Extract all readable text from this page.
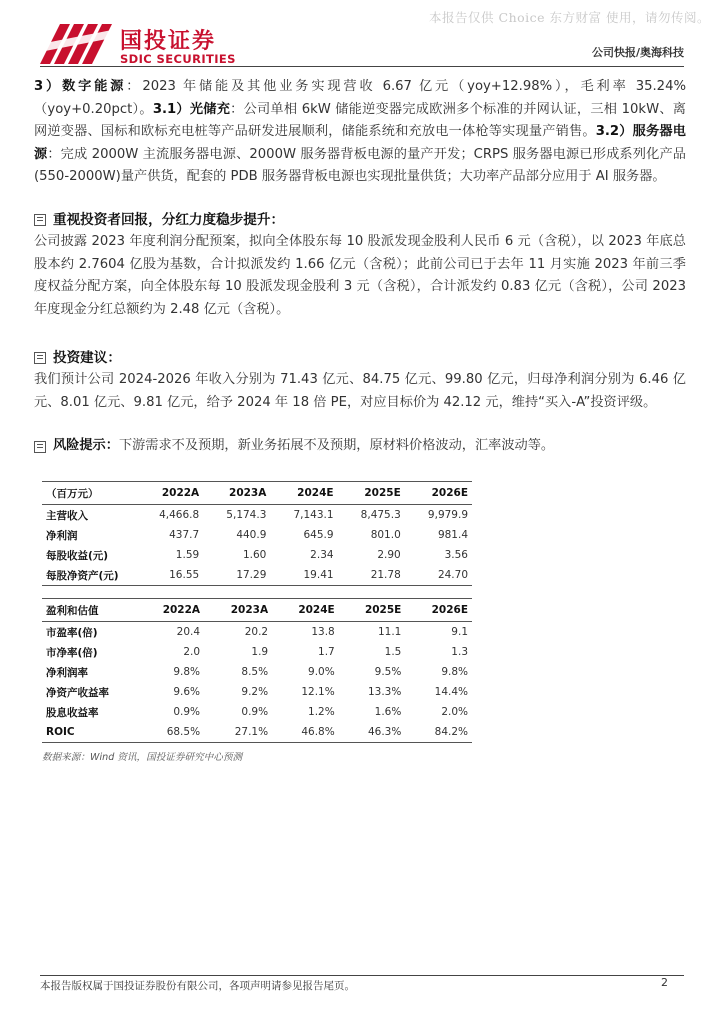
本报告仅供 Choice 东方财富 使用，请勿传阅。
国投证券
SDIC SECURITIES	公司快报/奥海科技

3）数字能源：2023 年储能及其他业务实现营收 6.67 亿元（yoy+12.98%），毛利率 35.24%（yoy+0.20pct）。3.1）光储充：公司单相 6kW 储能逆变器完成欧洲多个标准的并网认证，三相 10kW、离网逆变器、国标和欧标充电桩等产品研发进展顺利，储能系统和充放电一体枪等实现量产销售。3.2）服务器电源：完成 2000W 主流服务器电源、2000W 服务器背板电源的量产开发；CRPS 服务器电源已形成系列化产品(550-2000W)量产供货，配套的 PDB 服务器背板电源也实现批量供货；大功率产品部分应用于 AI 服务器。

重视投资者回报，分红力度稳步提升：

公司披露 2023 年度利润分配预案，拟向全体股东每 10 股派发现金股利人民币 6 元（含税），以 2023 年底总股本约 2.7604 亿股为基数，合计拟派发约 1.66 亿元（含税）；此前公司已于去年 11 月实施 2023 年前三季度权益分配方案，向全体股东每 10 股派发现金股利 3 元（含税），合计派发约 0.83 亿元（含税），公司 2023 年度现金分红总额约为 2.48 亿元（含税）。

投资建议：

我们预计公司 2024-2026 年收入分别为 71.43 亿元、84.75 亿元、99.80 亿元，归母净利润分别为 6.46 亿元、8.01 亿元、9.81 亿元，给予 2024 年 18 倍 PE，对应目标价为 42.12 元，维持“买入-A”投资评级。

风险提示：下游需求不及预期，新业务拓展不及预期，原材料价格波动，汇率波动等。

（百万元）	2022A	2023A	2024E	2025E	2026E
主营收入	4,466.8	5,174.3	7,143.1	8,475.3	9,979.9
净利润	437.7	440.9	645.9	801.0	981.4
每股收益(元)	1.59	1.60	2.34	2.90	3.56
每股净资产(元)	16.55	17.29	19.41	21.78	24.70
盈利和估值	2022A	2023A	2024E	2025E	2026E
市盈率(倍)	20.4	20.2	13.8	11.1	9.1
市净率(倍)	2.0	1.9	1.7	1.5	1.3
净利润率	9.8%	8.5%	9.0%	9.5%	9.8%
净资产收益率	9.6%	9.2%	12.1%	13.3%	14.4%
股息收益率	0.9%	0.9%	1.2%	1.6%	2.0%
ROIC	68.5%	27.1%	46.8%	46.3%	84.2%
数据来源：Wind 资讯，国投证券研究中心预测
本报告版权属于国投证券股份有限公司，各项声明请参见报告尾页。	2
